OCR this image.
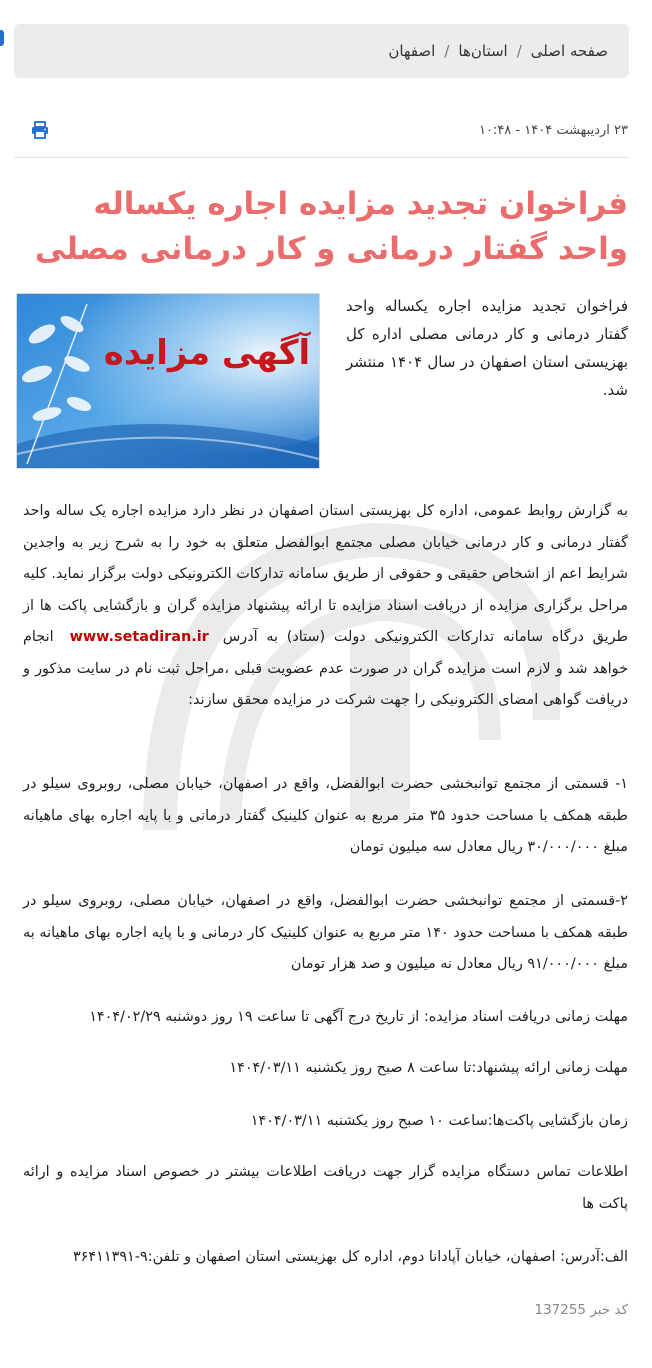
صفحه اصلی
/
استان‌ها
/
اصفهان
۲۳ اردیبهشت ۱۴۰۴ - ۱۰:۴۸
فراخوان تجدید مزایده اجاره یکساله واحد گفتار درمانی و کار درمانی مصلی
آگهی مزایده

فراخوان تجدید مزایده اجاره یکساله واحد گفتار درمانی و کار درمانی مصلی اداره کل بهزیستی استان اصفهان در سال ۱۴۰۴ منتشر شد.

به گزارش روابط عمومی، اداره کل بهزیستی استان اصفهان در نظر دارد مزایده اجاره یک ساله واحد گفتار درمانی و کار درمانی خیابان مصلی مجتمع ابوالفضل متعلق به خود را به شرح زیر به واجدین شرایط اعم از اشخاص حقیقی و حقوقی از طریق سامانه تدارکات الکترونیکی دولت برگزار نماید. کلیه مراحل برگزاری مزایده از دریافت اسناد مزایده تا ارائه پیشنهاد مزایده گران و بازگشایی پاکت ها از طریق درگاه سامانه تدارکات الکترونیکی دولت (ستاد) به آدرسwww.setadiran.irانجام خواهد شد و لازم است مزایده گران در صورت عدم عضویت قبلی ،مراحل ثبت نام در سایت مذکور و دریافت گواهی امضای الکترونیکی را جهت شرکت در مزایده محقق سازند:

۱- قسمتی از مجتمع توانبخشی حضرت ابوالفضل، واقع در اصفهان، خیابان مصلی، روبروی سیلو در طبقه همکف با مساحت حدود ۳۵ متر مربع به عنوان کلینیک گفتار درمانی و با پایه اجاره بهای ماهیانه مبلغ ۳۰/۰۰۰/۰۰۰ ریال معادل سه میلیون تومان

۲-قسمتی از مجتمع توانبخشی حضرت ابوالفضل، واقع در اصفهان، خیابان مصلی، روبروی سیلو در طبقه همکف با مساحت حدود ۱۴۰ متر مربع به عنوان کلینیک کار درمانی و با پایه اجاره بهای ماهیانه به مبلغ ۹۱/۰۰۰/۰۰۰ ریال معادل نه میلیون و صد هزار تومان

مهلت زمانی دریافت اسناد مزایده: از تاریخ درج آگهی تا ساعت ۱۹ روز دوشنبه ۱۴۰۴/۰۲/۲۹

مهلت زمانی ارائه پیشنهاد:تا ساعت ۸ صبح روز یکشنبه ۱۴۰۴/۰۳/۱۱

زمان بازگشایی پاکت‌ها:ساعت ۱۰ صبح روز یکشنبه ۱۴۰۴/۰۳/۱۱

اطلاعات تماس دستگاه مزایده گزار جهت دریافت اطلاعات بیشتر در خصوص اسناد مزایده و ارائه پاکت ها

الف:آدرس: اصفهان، خیابان آپادانا دوم، اداره کل بهزیستی استان اصفهان و تلفن:۹-۳۶۴۱۱۳۹۱

کد خبر 137255
